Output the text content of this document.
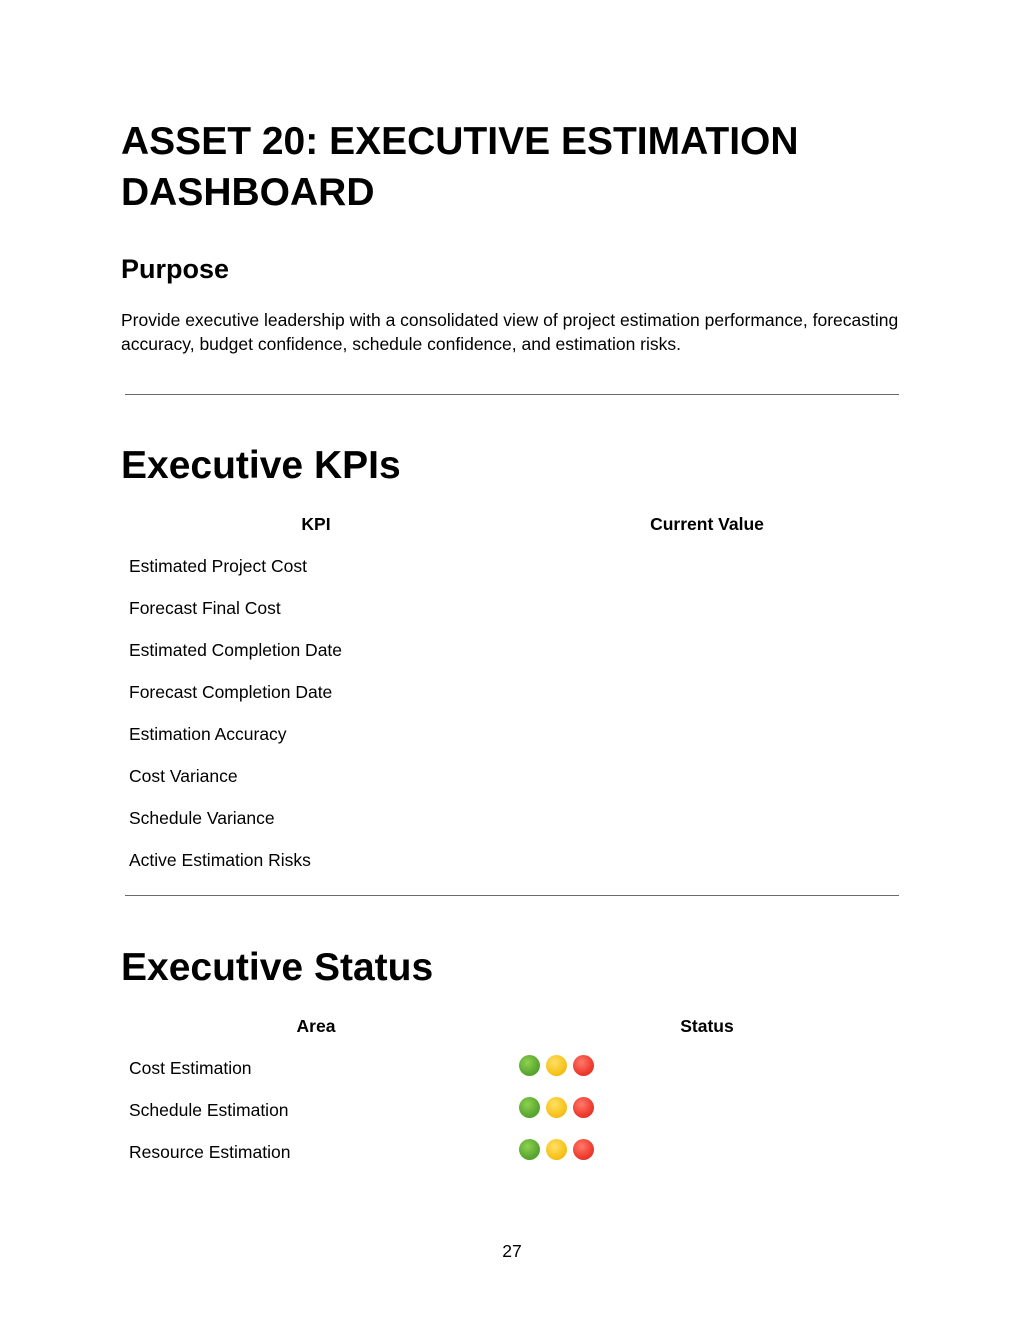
ASSET 20: EXECUTIVE ESTIMATION DASHBOARD
Purpose

Provide executive leadership with a consolidated view of project estimation performance, forecasting accuracy, budget confidence, schedule confidence, and estimation risks.

Executive KPIs
KPI	Current Value
Estimated Project Cost	
Forecast Final Cost	
Estimated Completion Date	
Forecast Completion Date	
Estimation Accuracy	
Cost Variance	
Schedule Variance	
Active Estimation Risks	
Executive Status
Area	Status
Cost Estimation	

Schedule Estimation	

Resource Estimation	
27
